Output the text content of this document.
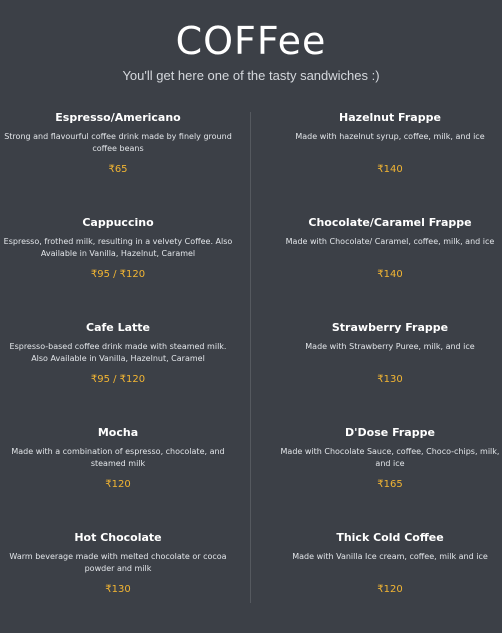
COFFee
You'll get here one of the tasty sandwiches :)
Espresso/Americano
Strong and flavourful coffee drink made by finely ground coffee beans
₹65
Cappuccino
Espresso, frothed milk, resulting in a velvety Coffee. Also Available in Vanilla, Hazelnut, Caramel
₹95 / ₹120
Cafe Latte
Espresso-based coffee drink made with steamed milk. Also Available in Vanilla, Hazelnut, Caramel
₹95 / ₹120
Mocha
Made with a combination of espresso, chocolate, and steamed milk
₹120
Hot Chocolate
Warm beverage made with melted chocolate or cocoa powder and milk
₹130
Hazelnut Frappe
Made with hazelnut syrup, coffee, milk, and ice
₹140
Chocolate/Caramel Frappe
Made with Chocolate/ Caramel, coffee, milk, and ice
₹140
Strawberry Frappe
Made with Strawberry Puree, milk, and ice
₹130
D'Dose Frappe
Made with Chocolate Sauce, coffee, Choco-chips, milk, and ice
₹165
Thick Cold Coffee
Made with Vanilla Ice cream, coffee, milk and ice
₹120
